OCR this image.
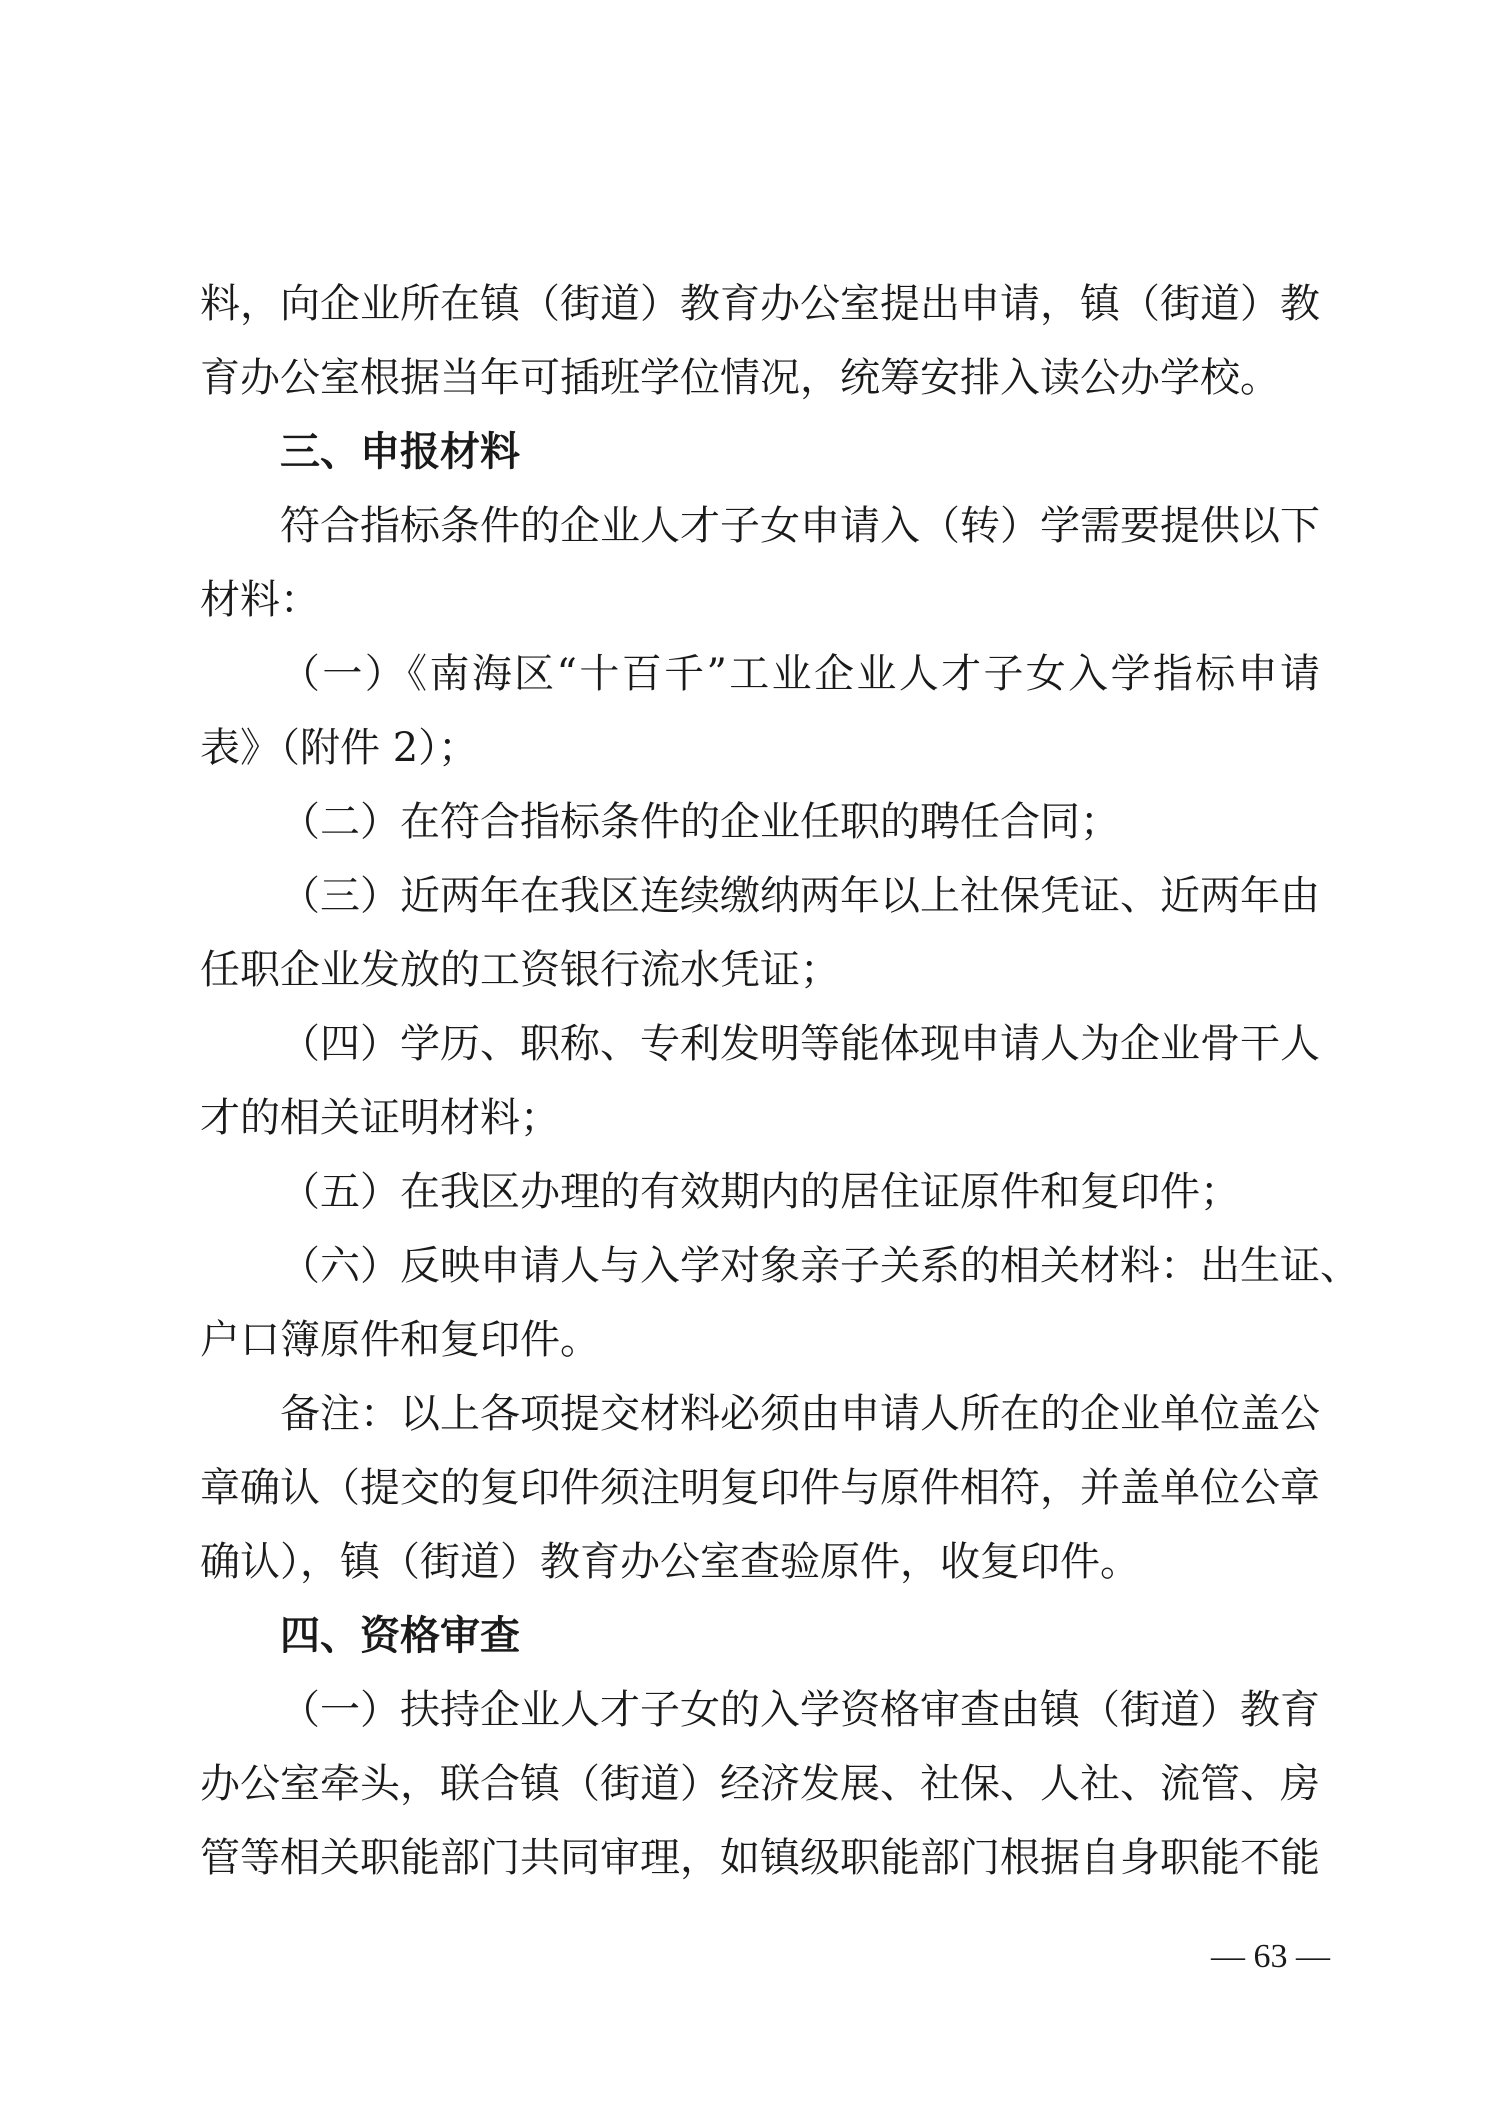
料，向企业所在镇（街道）教育办公室提出申请，镇（街道）教
育办公室根据当年可插班学位情况，统筹安排入读公办学校。
三、申报材料
符合指标条件的企业人才子女申请入（转）学需要提供以下
材料：
（一）《南海区“十百千”工业企业人才子女入学指标申请
表》（附件 2）；
（二）在符合指标条件的企业任职的聘任合同；
（三）近两年在我区连续缴纳两年以上社保凭证、近两年由
任职企业发放的工资银行流水凭证；
（四）学历、职称、专利发明等能体现申请人为企业骨干人
才的相关证明材料；
（五）在我区办理的有效期内的居住证原件和复印件；
（六）反映申请人与入学对象亲子关系的相关材料：出生证、
户口簿原件和复印件。
备注：以上各项提交材料必须由申请人所在的企业单位盖公
章确认（提交的复印件须注明复印件与原件相符，并盖单位公章
确认），镇（街道）教育办公室查验原件，收复印件。
四、资格审查
（一）扶持企业人才子女的入学资格审查由镇（街道）教育
办公室牵头，联合镇（街道）经济发展、社保、人社、流管、房
管等相关职能部门共同审理，如镇级职能部门根据自身职能不能
— 63 —
